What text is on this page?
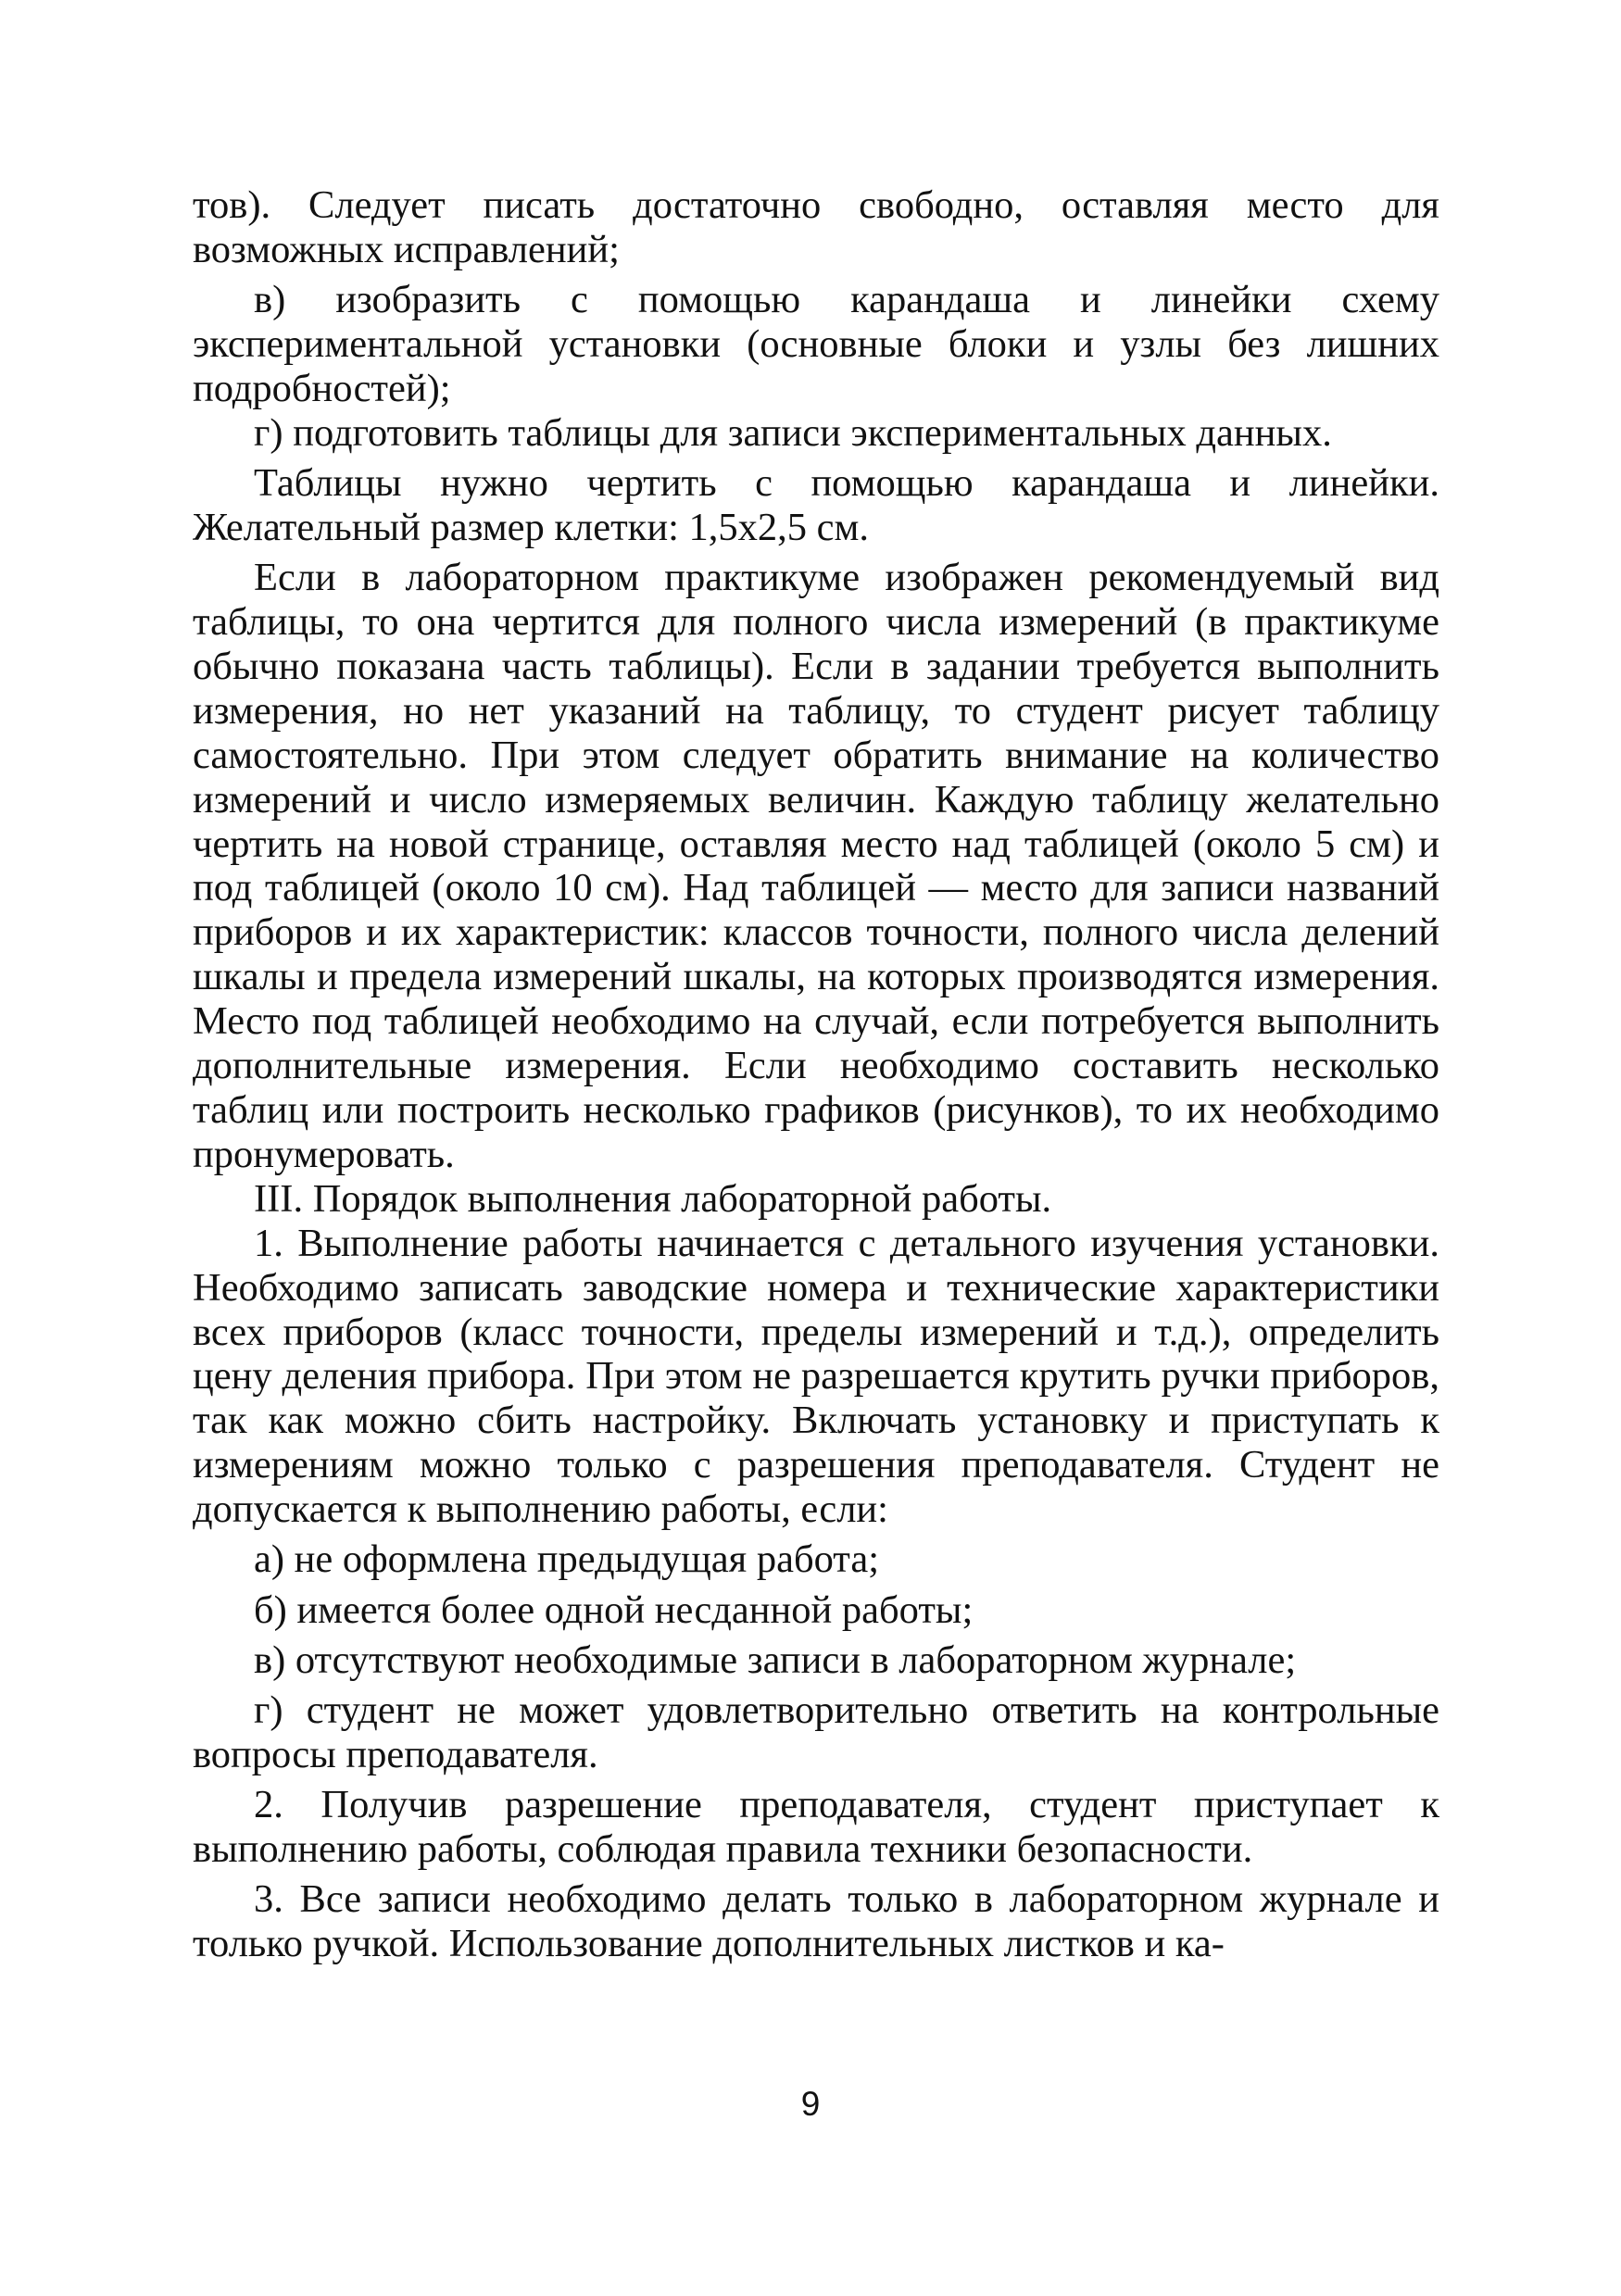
тов). Следует писать достаточно свободно, оставляя место для возможных исправлений;

в) изобразить с помощью карандаша и линейки схему экспериментальной установки (основные блоки и узлы без лишних подробностей);

г) подготовить таблицы для записи экспериментальных данных.

Таблицы нужно чертить с помощью карандаша и линейки. Желательный размер клетки: 1,5х2,5 см.

Если в лабораторном практикуме изображен рекомендуемый вид таблицы, то она чертится для полного числа измерений (в практикуме обычно показана часть таблицы). Если в задании требуется выполнить измерения, но нет указаний на таблицу, то студент рисует таблицу самостоятельно. При этом следует обратить внимание на количество измерений и число измеряемых величин. Каждую таблицу желательно чертить на новой странице, оставляя место над таблицей (около 5 см) и под таблицей (около 10 см). Над таблицей — место для записи названий приборов и их характеристик: классов точности, полного числа делений шкалы и предела измерений шкалы, на которых производятся измерения. Место под таблицей необходимо на случай, если потребуется выполнить дополнительные измерения. Если необходимо составить несколько таблиц или построить несколько графиков (рисунков), то их необходимо пронумеровать.

III. Порядок выполнения лабораторной работы.

1. Выполнение работы начинается с детального изучения установки. Необходимо записать заводские номера и технические характеристики всех приборов (класс точности, пределы измерений и т.д.), определить цену деления прибора. При этом не разрешается крутить ручки приборов, так как можно сбить настройку. Включать установку и приступать к измерениям можно только с разрешения преподавателя. Студент не допускается к выполнению работы, если:

а) не оформлена предыдущая работа;

б) имеется более одной несданной работы;

в) отсутствуют необходимые записи в лабораторном журнале;

г) студент не может удовлетворительно ответить на контрольные вопросы преподавателя.

2. Получив разрешение преподавателя, студент приступает к выполнению работы, соблюдая правила техники безопасности.

3. Все записи необходимо делать только в лабораторном журнале и только ручкой. Использование дополнительных листков и ка-

9
